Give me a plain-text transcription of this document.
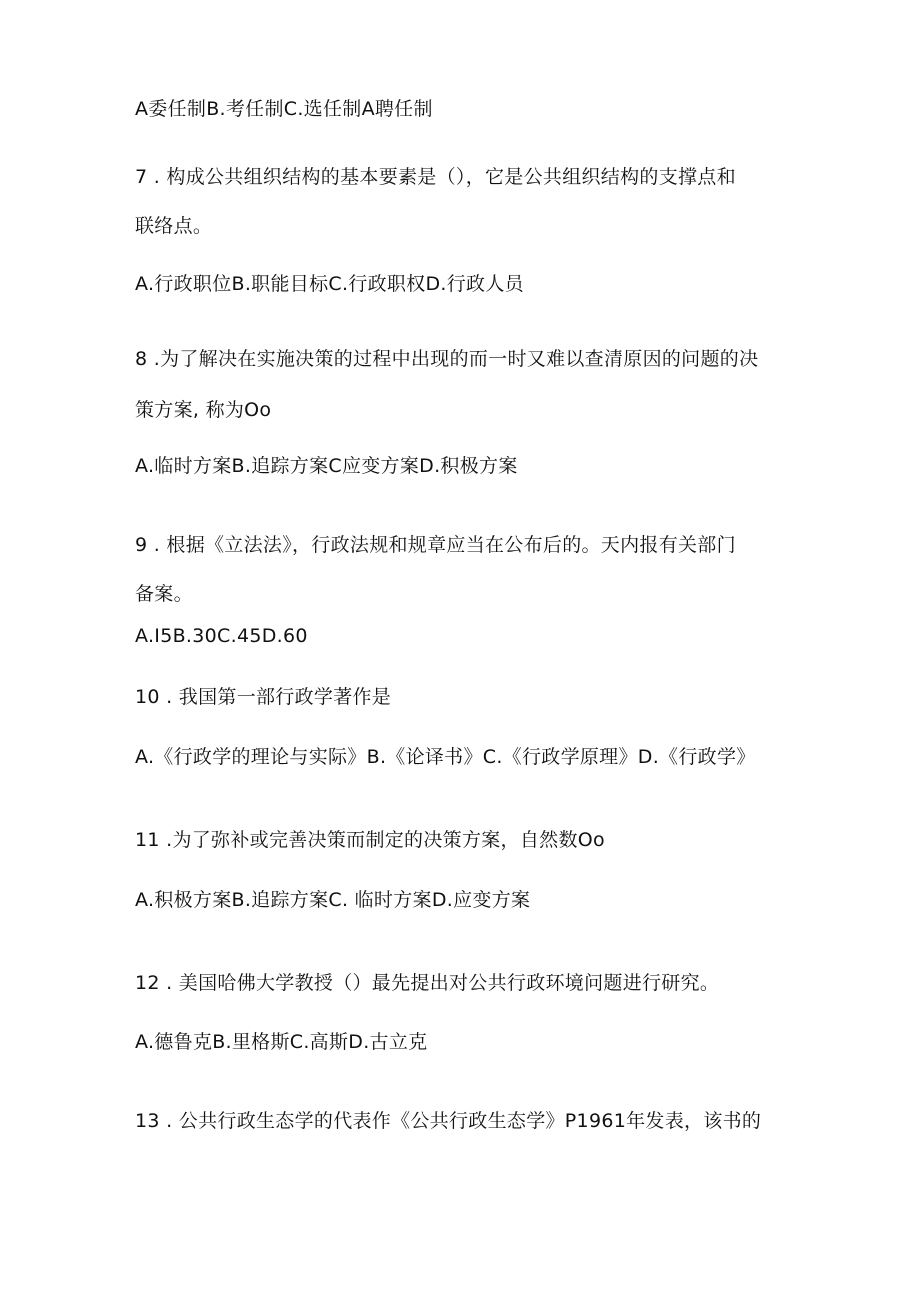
A委任制B.考任制C.选任制A聘任制
7 . 构成公共组织结构的基本要素是（），它是公共组织结构的支撑点和
联络点。
A.行政职位B.职能目标C.行政职权D.行政人员
8 .为了解决在实施决策的过程中出现的而一时又难以查清原因的问题的决
策方案, 称为Oo
A.临时方案B.追踪方案C应变方案D.积极方案
9 . 根据《立法法》，行政法规和规章应当在公布后的。天内报有关部门
备案。
A.I5B.30C.45D.60
10 . 我国第一部行政学著作是
A.《行政学的理论与实际》B.《论译书》C.《行政学原理》D.《行政学》
11 .为了弥补或完善决策而制定的决策方案，自然数Oo
A.积极方案B.追踪方案C. 临时方案D.应变方案
12 . 美国哈佛大学教授（）最先提出对公共行政环境问题进行研究。
A.德鲁克B.里格斯C.高斯D.古立克
13 . 公共行政生态学的代表作《公共行政生态学》P1961年发表，该书的
